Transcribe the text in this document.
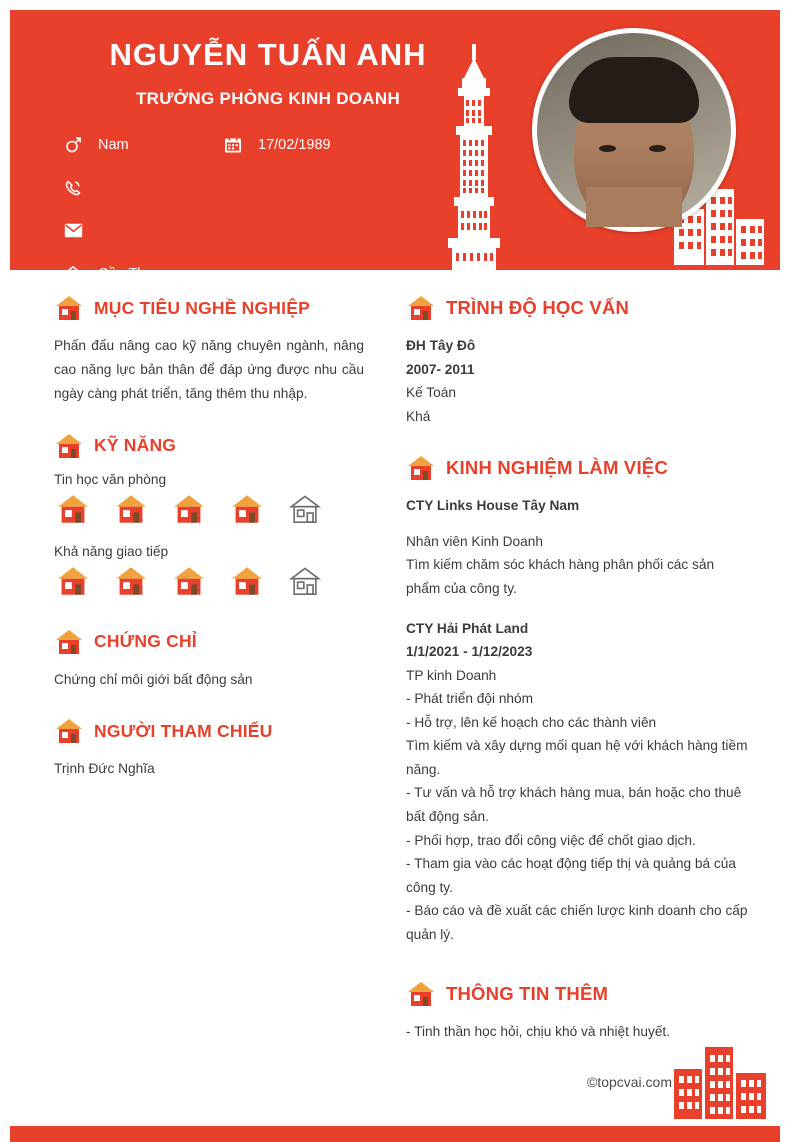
NGUYỄN TUẤN ANH
TRƯỞNG PHÒNG KINH DOANH
Nam	17/02/1989
Cần Thơ
MỤC TIÊU NGHỀ NGHIỆP

Phấn đấu nâng cao kỹ năng chuyên ngành, nâng cao năng lực bản thân để đáp ứng được nhu cầu ngày càng phát triển, tăng thêm thu nhập.

KỸ NĂNG
Tin học văn phòng
Khả năng giao tiếp
CHỨNG CHỈ
Chứng chỉ môi giới bất động sản
NGƯỜI THAM CHIẾU
Trịnh Đức Nghĩa
TRÌNH ĐỘ HỌC VẤN
ĐH Tây Đô
2007- 2011
Kế Toán
Khá
KINH NGHIỆM LÀM VIỆC
CTY Links House Tây Nam
Nhân viên Kinh Doanh
Tìm kiếm chăm sóc khách hàng phân phối các sản phẩm của công ty.
CTY Hải Phát Land
1/1/2021 - 1/12/2023
TP kinh Doanh
- Phát triển đội nhóm
- Hỗ trợ, lên kế hoạch cho các thành viên
Tìm kiếm và xây dựng mối quan hệ với khách hàng tiềm năng.
- Tư vấn và hỗ trợ khách hàng mua, bán hoặc cho thuê bất động sản.
- Phối hợp, trao đổi công việc để chốt giao dịch.
- Tham gia vào các hoạt động tiếp thị và quảng bá của công ty.
- Báo cáo và đề xuất các chiến lược kinh doanh cho cấp quản lý.
THÔNG TIN THÊM
- Tinh thần học hỏi, chịu khó và nhiệt huyết.
©topcvai.com
